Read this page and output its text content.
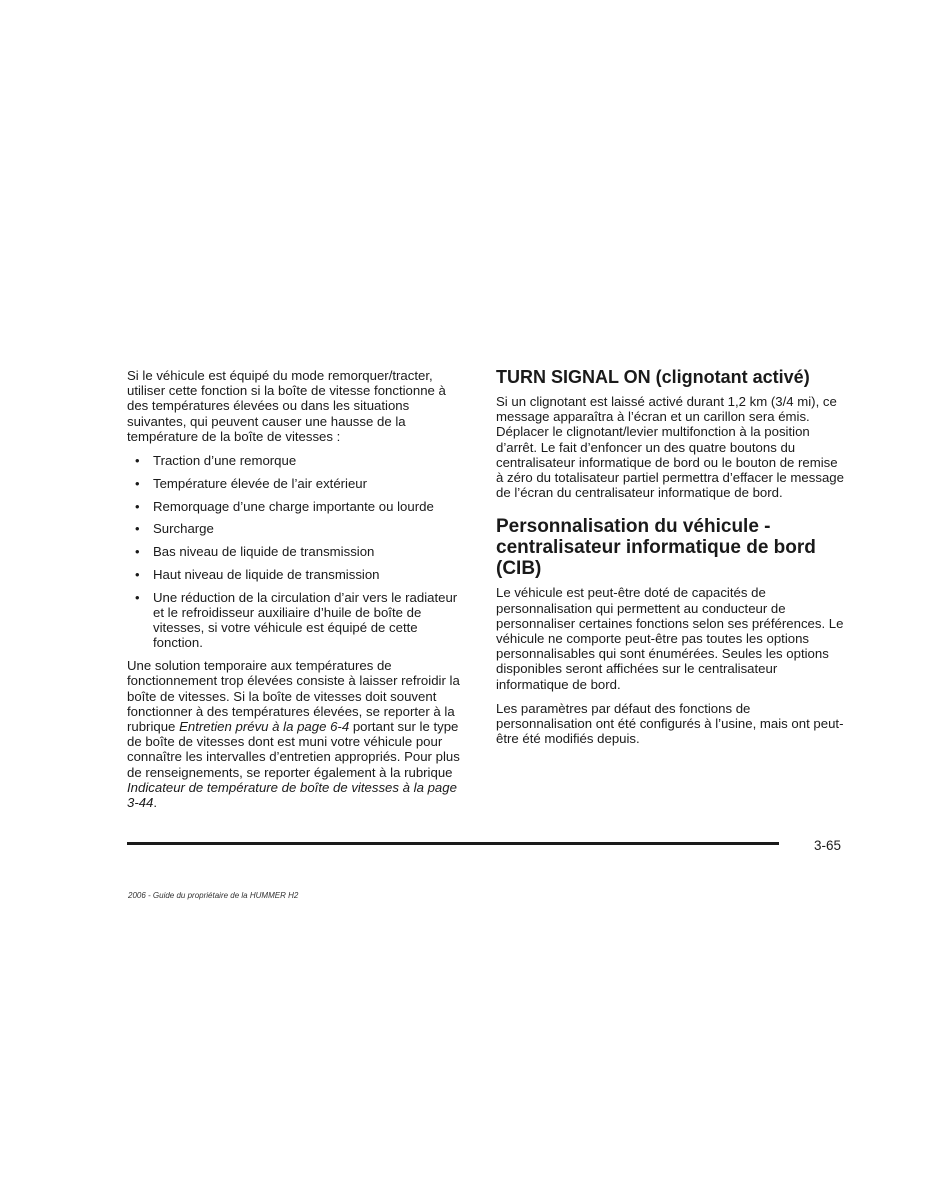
Si le véhicule est équipé du mode remorquer/tracter, utiliser cette fonction si la boîte de vitesse fonctionne à des températures élevées ou dans les situations suivantes, qui peuvent causer une hausse de la température de la boîte de vitesses :

• Traction d’une remorque
• Température élevée de l’air extérieur
• Remorquage d’une charge importante ou lourde
• Surcharge
• Bas niveau de liquide de transmission
• Haut niveau de liquide de transmission
• Une réduction de la circulation d’air vers le radiateur et le refroidisseur auxiliaire d’huile de boîte de vitesses, si votre véhicule est équipé de cette fonction.

Une solution temporaire aux températures de fonctionnement trop élevées consiste à laisser refroidir la boîte de vitesses. Si la boîte de vitesses doit souvent fonctionner à des températures élevées, se reporter à la rubrique Entretien prévu à la page 6-4 portant sur le type de boîte de vitesses dont est muni votre véhicule pour connaître les intervalles d’entretien appropriés. Pour plus de renseignements, se reporter également à la rubrique Indicateur de température de boîte de vitesses à la page 3-44.

TURN SIGNAL ON (clignotant activé)

Si un clignotant est laissé activé durant 1,2 km (3/4 mi), ce message apparaîtra à l’écran et un carillon sera émis. Déplacer le clignotant/levier multifonction à la position d’arrêt. Le fait d’enfoncer un des quatre boutons du centralisateur informatique de bord ou le bouton de remise à zéro du totalisateur partiel permettra d’effacer le message de l’écran du centralisateur informatique de bord.

Personnalisation du véhicule - centralisateur informatique de bord (CIB)

Le véhicule est peut-être doté de capacités de personnalisation qui permettent au conducteur de personnaliser certaines fonctions selon ses préférences. Le véhicule ne comporte peut-être pas toutes les options personnalisables qui sont énumérées. Seules les options disponibles seront affichées sur le centralisateur informatique de bord.

Les paramètres par défaut des fonctions de personnalisation ont été configurés à l’usine, mais ont peut-être été modifiés depuis.

3-65
2006 - Guide du propriétaire de la HUMMER H2
